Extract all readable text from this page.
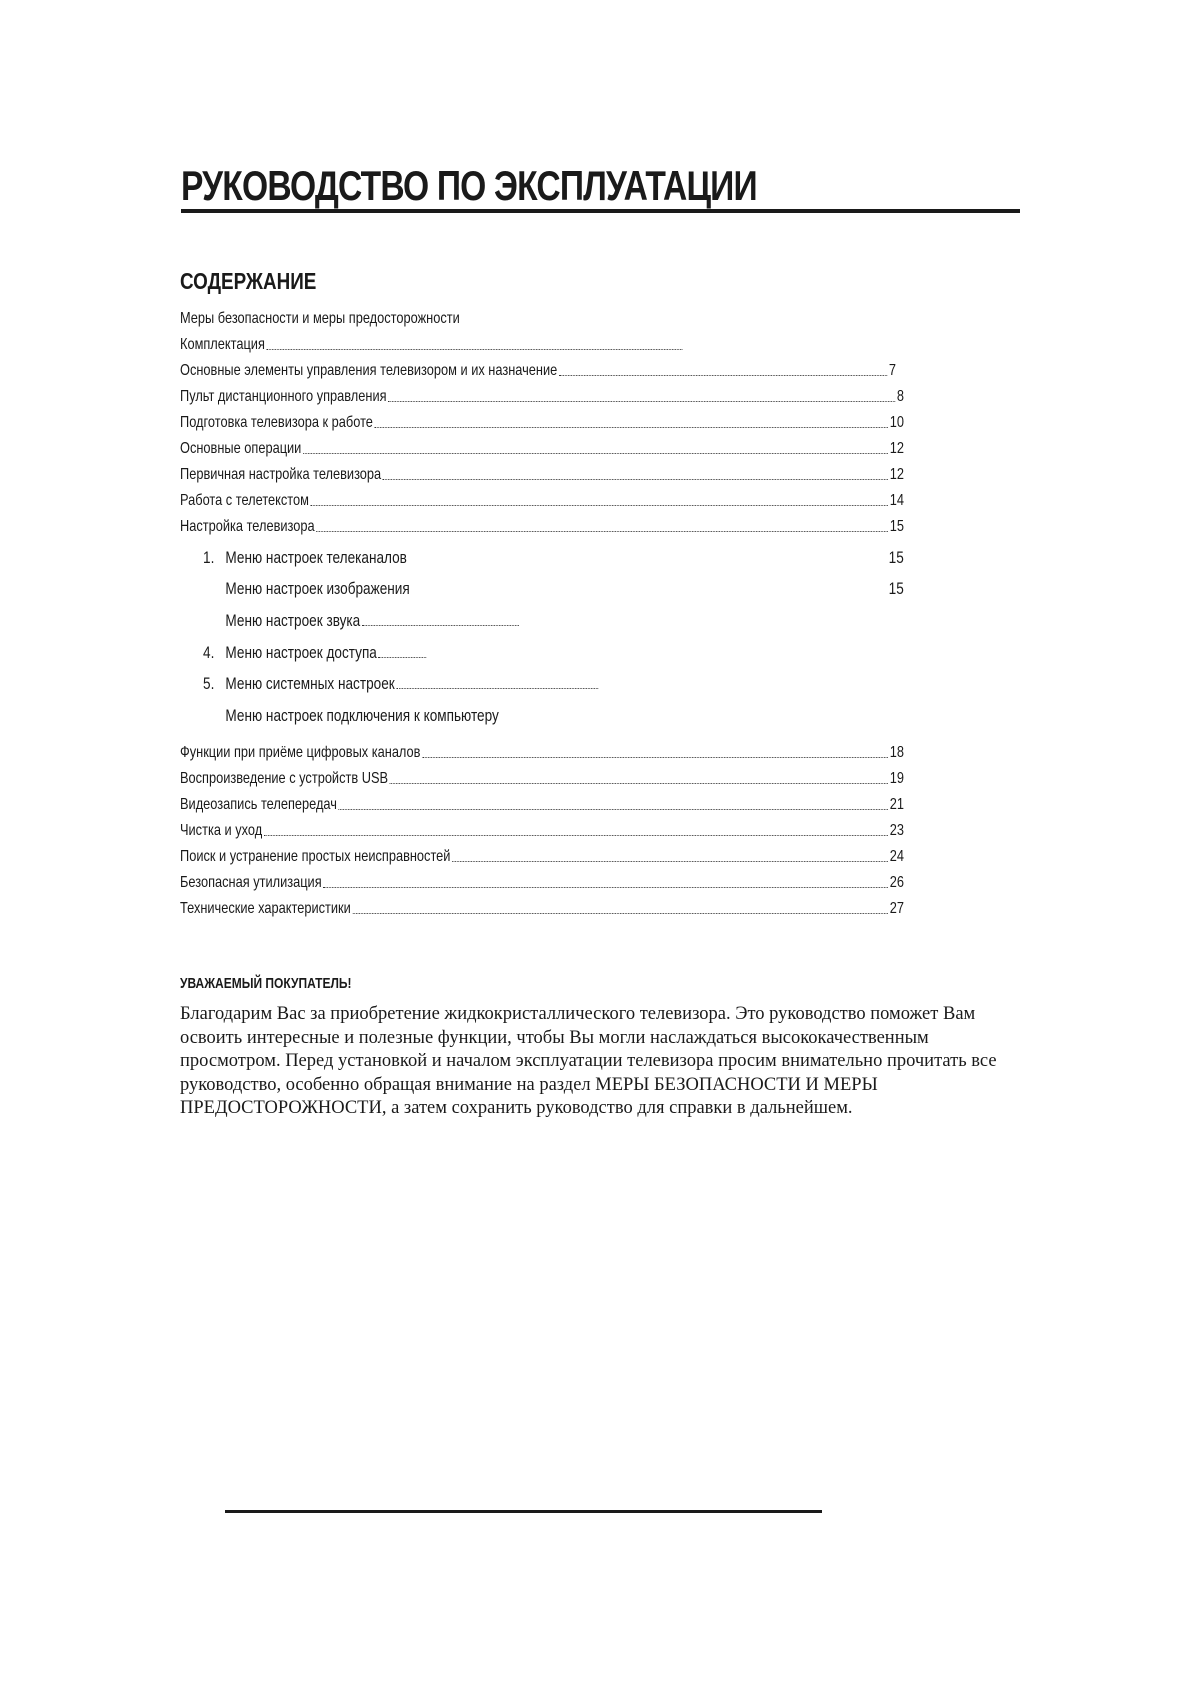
РУКОВОДСТВО ПО ЭКСПЛУАТАЦИИ
СОДЕРЖАНИЕ
Меры безопасности и меры предосторожности
Комплектация
Основные элементы управления телевизором и их назначение	7
Пульт дистанционного управления	8
Подготовка телевизора к работе	10
Основные операции	12
Первичная настройка телевизора	12
Работа с телетекстом	14
Настройка телевизора	15
1. Меню настроек телеканалов	15
Меню настроек изображения	15
Меню настроек звука
4. Меню настроек доступа
5. Меню системных настроек
Меню настроек подключения к компьютеру
Функции при приёме цифровых каналов	18
Воспроизведение с устройств USB	19
Видеозапись телепередач	21
Чистка и уход	23
Поиск и устранение простых неисправностей	24
Безопасная утилизация	26
Технические характеристики	27
УВАЖАЕМЫЙ ПОКУПАТЕЛЬ!

Благодарим Вас за приобретение жидкокристаллического телевизора. Это руководство поможет Вам освоить интересные и полезные функции, чтобы Вы могли наслаждаться высококачественным просмотром. Перед установкой и началом эксплуатации телевизора просим внимательно прочитать все руководство, особенно обращая внимание на раздел МЕРЫ БЕЗОПАСНОСТИ И МЕРЫ ПРЕДОСТОРОЖНОСТИ, а затем сохранить руководство для справки в дальнейшем.
